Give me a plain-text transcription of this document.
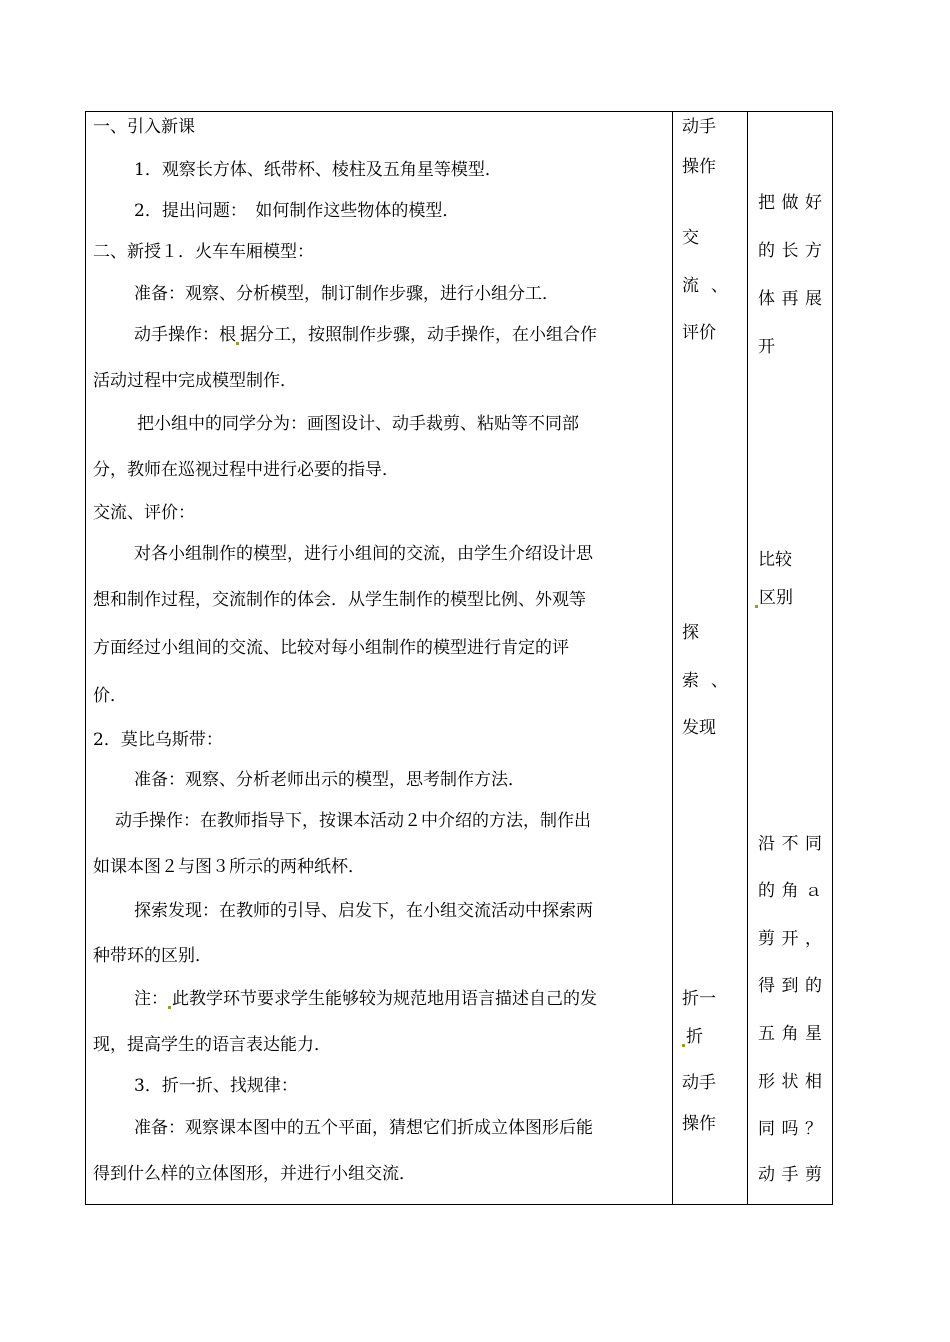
一、引入新课
1．观察长方体、纸带杯、棱柱及五角星等模型．
2．提出问题：　如何制作这些物体的模型．
二、新授１．火车车厢模型：
准备：观察、分析模型，制订制作步骤，进行小组分工．
动手操作：根 据分工，按照制作步骤，动手操作，在小组合作
活动过程中完成模型制作．
把小组中的同学分为：画图设计、动手裁剪、粘贴等不同部
分，教师在巡视过程中进行必要的指导．
交流、评价：
对各小组制作的模型，进行小组间的交流，由学生介绍设计思
想和制作过程，交流制作的体会．从学生制作的模型比例、外观等
方面经过小组间的交流、比较对每小组制作的模型进行肯定的评
价．
2．莫比乌斯带：
准备：观察、分析老师出示的模型，思考制作方法．
动手操作：在教师指导下，按课本活动２中介绍的方法，制作出
如课本图２与图３所示的两种纸杯．
探索发现：在教师的引导、启发下，在小组交流活动中探索两
种带环的区别．
注： 此教学环节要求学生能够较为规范地用语言描述自己的发
现，提高学生的语言表达能力．
3．折一折、找规律：
准备：观察课本图中的五个平面，猜想它们折成立体图形后能
得到什么样的立体图形，并进行小组交流．
动手
操作
交
流 、
评价
探
索 、
发现
折一
折
动手
操作
把 做 好
的 长 方
体 再 展
开
比较
区别
沿 不 同
的 角 ａ
剪 开 ，
得 到 的
五 角 星
形 状 相
同 吗 ？
动 手 剪
